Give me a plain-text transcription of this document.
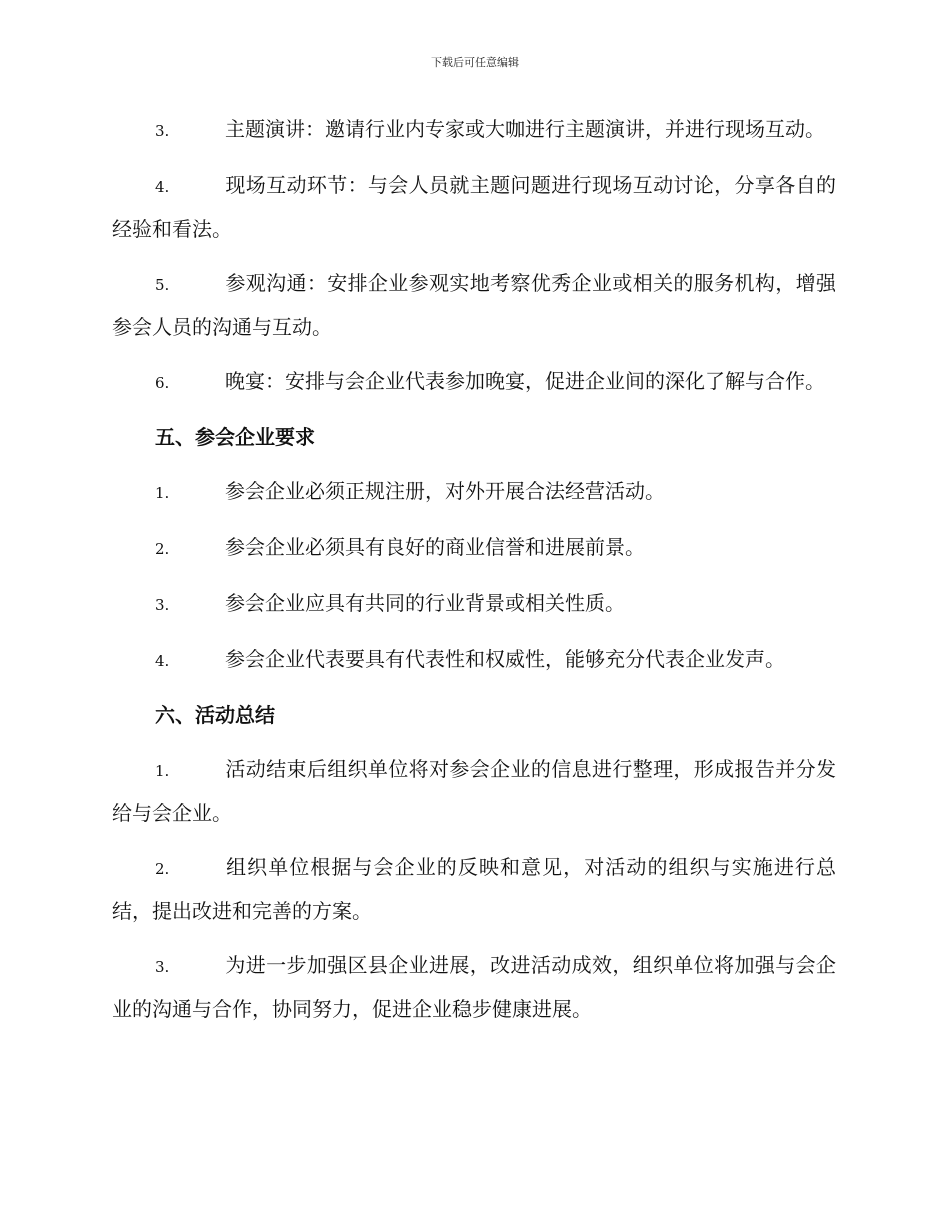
下载后可任意编辑
3.	主题演讲：邀请行业内专家或大咖进行主题演讲，并进行现场互动。
4.	现场互动环节：与会人员就主题问题进行现场互动讨论，分享各自的经验和看法。
5.	参观沟通：安排企业参观实地考察优秀企业或相关的服务机构，增强参会人员的沟通与互动。
6.	晚宴：安排与会企业代表参加晚宴，促进企业间的深化了解与合作。
五、参会企业要求
1.	参会企业必须正规注册，对外开展合法经营活动。
2.	参会企业必须具有良好的商业信誉和进展前景。
3.	参会企业应具有共同的行业背景或相关性质。
4.	参会企业代表要具有代表性和权威性，能够充分代表企业发声。
六、活动总结
1.	活动结束后组织单位将对参会企业的信息进行整理，形成报告并分发给与会企业。
2.	组织单位根据与会企业的反映和意见，对活动的组织与实施进行总结，提出改进和完善的方案。
3.	为进一步加强区县企业进展，改进活动成效，组织单位将加强与会企业的沟通与合作，协同努力，促进企业稳步健康进展。
